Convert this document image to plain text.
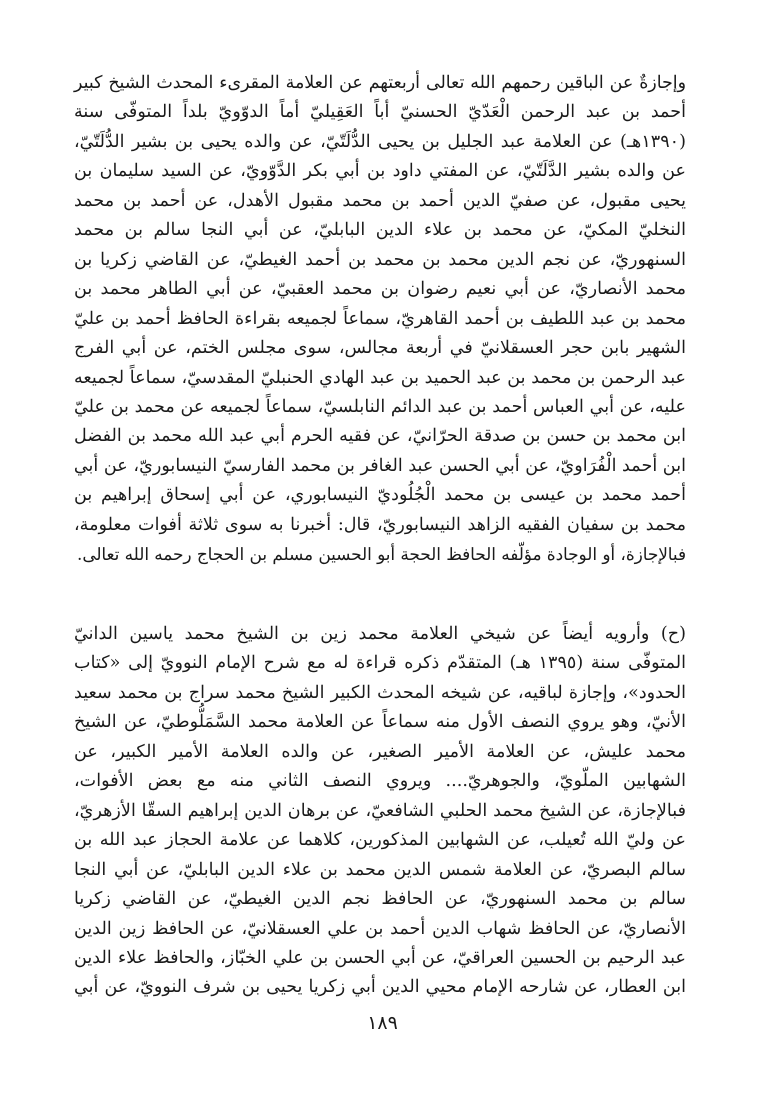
وإجازةٌ عن الباقين رحمهم الله تعالى أربعتهم عن العلامة المقرىء المحدث الشيخ كبير
أحمد بن عبد الرحمن الْعَدّيّ الحسنيّ أباً العَقِيليّ أماً الدوّويّ بلداً المتوفّى سنة
(١٣٩٠هـ) عن العلامة عبد الجليل بن يحيى الدُّلَتّيّ، عن والده يحيى بن بشير الدُّلَتّيّ،
عن والده بشير الدَّلَتّيّ، عن المفتي داود بن أبي بكر الدَّوّويّ، عن السيد سليمان بن
يحيى مقبول، عن صفيّ الدين أحمد بن محمد مقبول الأهدل، عن أحمد بن محمد
النخليّ المكيّ، عن محمد بن علاء الدين البابليّ، عن أبي النجا سالم بن محمد
السنهوريّ، عن نجم الدين محمد بن محمد بن أحمد الغيطيّ، عن القاضي زكريا بن
محمد الأنصاريّ، عن أبي نعيم رضوان بن محمد العقبيّ، عن أبي الطاهر محمد بن
محمد بن عبد اللطيف بن أحمد القاهريّ، سماعاً لجميعه بقراءة الحافظ أحمد بن عليّ
الشهير بابن حجر العسقلانيّ في أربعة مجالس، سوى مجلس الختم، عن أبي الفرج
عبد الرحمن بن محمد بن عبد الحميد بن عبد الهادي الحنبليّ المقدسيّ، سماعاً لجميعه
عليه، عن أبي العباس أحمد بن عبد الدائم النابلسيّ، سماعاً لجميعه عن محمد بن عليّ
ابن محمد بن حسن بن صدقة الحرّانيّ، عن فقيه الحرم أبي عبد الله محمد بن الفضل
ابن أحمد الْفُرَاويّ، عن أبي الحسن عبد الغافر بن محمد الفارسيّ النيسابوريّ، عن أبي
أحمد محمد بن عيسى بن محمد الْجُلُوديّ النيسابوري، عن أبي إسحاق إبراهيم بن
محمد بن سفيان الفقيه الزاهد النيسابوريّ، قال: أخبرنا به سوى ثلاثة أفوات معلومة،
فبالإجازة، أو الوجادة مؤلّفه الحافظ الحجة أبو الحسين مسلم بن الحجاج رحمه الله تعالى.
(ح) وأرويه أيضاً عن شيخي العلامة محمد زين بن الشيخ محمد ياسين الدانيّ
المتوفّى سنة (١٣٩٥ هـ) المتقدّم ذكره قراءة له مع شرح الإمام النوويّ إلى «كتاب
الحدود»، وإجازة لباقيه، عن شيخه المحدث الكبير الشيخ محمد سراج بن محمد سعيد
الأنيّ، وهو يروي النصف الأول منه سماعاً عن العلامة محمد السَّمَلُّوطيّ، عن الشيخ
محمد عليش، عن العلامة الأمير الصغير، عن والده العلامة الأمير الكبير، عن
الشهابين الملّويّ، والجوهريّ.... ويروي النصف الثاني منه مع بعض الأفوات،
فبالإجازة، عن الشيخ محمد الحلبي الشافعيّ، عن برهان الدين إبراهيم السقّا الأزهريّ،
عن وليّ الله تُعيلب، عن الشهابين المذكورين، كلاهما عن علامة الحجاز عبد الله بن
سالم البصريّ، عن العلامة شمس الدين محمد بن علاء الدين البابليّ، عن أبي النجا
سالم بن محمد السنهوريّ، عن الحافظ نجم الدين الغيطيّ، عن القاضي زكريا
الأنصاريّ، عن الحافظ شهاب الدين أحمد بن علي العسقلانيّ، عن الحافظ زين الدين
عبد الرحيم بن الحسين العراقيّ، عن أبي الحسن بن علي الخبّاز، والحافظ علاء الدين
ابن العطار، عن شارحه الإمام محيي الدين أبي زكريا يحيى بن شرف النوويّ، عن أبي
١٨٩
